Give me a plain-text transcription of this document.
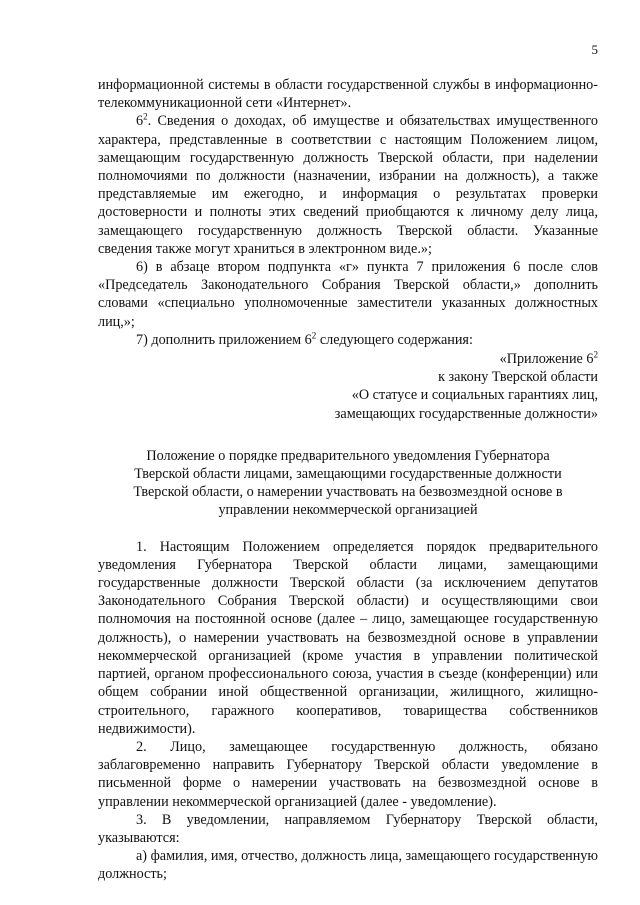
5

информационной системы в области государственной службы в информационно-телекоммуникационной сети «Интернет».

$6^2$. Сведения о доходах, об имуществе и обязательствах имущественного характера, представленные в соответствии с настоящим Положением лицом, замещающим государственную должность Тверской области, при наделении полномочиями по должности (назначении, избрании на должность), а также представляемые им ежегодно, и информация о результатах проверки достоверности и полноты этих сведений приобщаются к личному делу лица, замещающего государственную должность Тверской области. Указанные сведения также могут храниться в электронном виде.»;

6) в абзаце втором подпункта «г» пункта 7 приложения 6 после слов «Председатель Законодательного Собрания Тверской области,» дополнить словами «специально уполномоченные заместители указанных должностных лиц,»;

7) дополнить приложением $6^2$ следующего содержания:

«Приложение $6^2$
к закону Тверской области
«О статусе и социальных гарантиях лиц,
замещающих государственные должности»
Положение о порядке предварительного уведомления Губернатора
Тверской области лицами, замещающими государственные должности
Тверской области, о намерении участвовать на безвозмездной основе в
управлении некоммерческой организацией

1. Настоящим Положением определяется порядок предварительного уведомления Губернатора Тверской области лицами, замещающими государственные должности Тверской области (за исключением депутатов Законодательного Собрания Тверской области) и осуществляющими свои полномочия на постоянной основе (далее – лицо, замещающее государственную должность), о намерении участвовать на безвозмездной основе в управлении некоммерческой организацией (кроме участия в управлении политической партией, органом профессионального союза, участия в съезде (конференции) или общем собрании иной общественной организации, жилищного, жилищно-строительного, гаражного кооперативов, товарищества собственников недвижимости).

2. Лицо, замещающее государственную должность, обязано заблаговременно направить Губернатору Тверской области уведомление в письменной форме о намерении участвовать на безвозмездной основе в управлении некоммерческой организацией (далее - уведомление).

3. В уведомлении, направляемом Губернатору Тверской области, указываются:

а) фамилия, имя, отчество, должность лица, замещающего государственную должность;
